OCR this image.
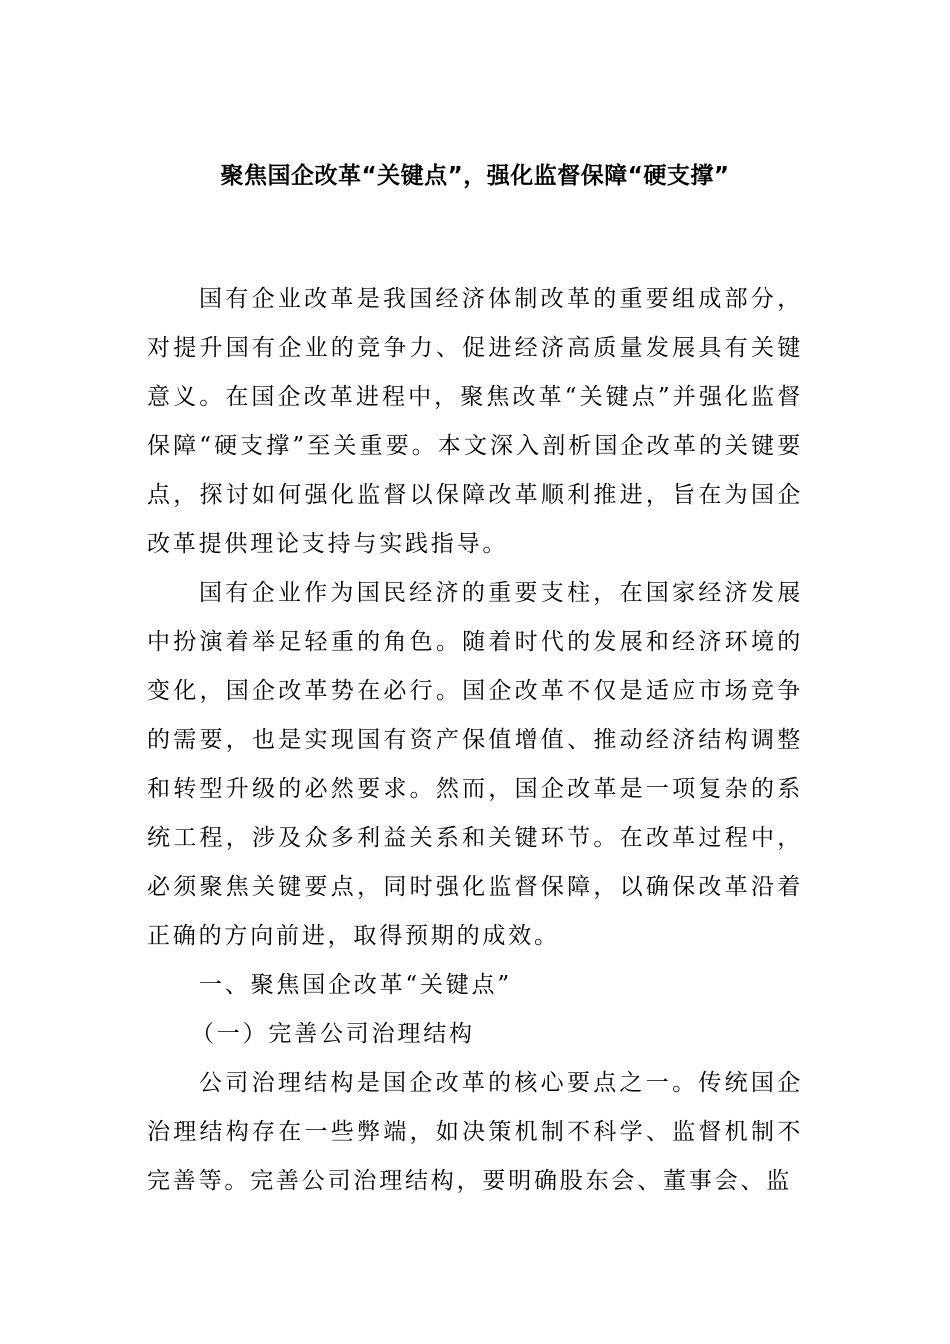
聚焦国企改革“关键点”，强化监督保障“硬支撑”

国有企业改革是我国经济体制改革的重要组成部分，对提升国有企业的竞争力、促进经济高质量发展具有关键意义。在国企改革进程中，聚焦改革“关键点”并强化监督保障“硬支撑”至关重要。本文深入剖析国企改革的关键要点，探讨如何强化监督以保障改革顺利推进，旨在为国企改革提供理论支持与实践指导。

国有企业作为国民经济的重要支柱，在国家经济发展中扮演着举足轻重的角色。随着时代的发展和经济环境的变化，国企改革势在必行。国企改革不仅是适应市场竞争的需要，也是实现国有资产保值增值、推动经济结构调整和转型升级的必然要求。然而，国企改革是一项复杂的系统工程，涉及众多利益关系和关键环节。在改革过程中，必须聚焦关键要点，同时强化监督保障，以确保改革沿着正确的方向前进，取得预期的成效。

一、聚焦国企改革“关键点”

（一）完善公司治理结构

公司治理结构是国企改革的核心要点之一。传统国企治理结构存在一些弊端，如决策机制不科学、监督机制不完善等。完善公司治理结构，要明确股东会、董事会、监
